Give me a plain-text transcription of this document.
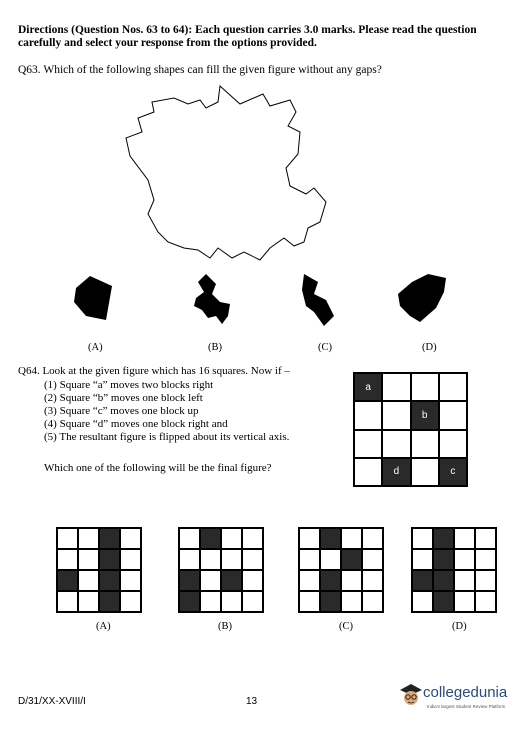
Directions (Question Nos. 63 to 64): Each question carries 3.0 marks. Please read the question carefully and select your response from the options provided.
Q63. Which of the following shapes can fill the given figure without any gaps?
(A)	(B)	(C)	(D)
Q64. Look at the given figure which has 16 squares. Now if –
(1) Square “a” moves two blocks right
(2) Square “b” moves one block left
(3) Square “c” moves one block up
(4) Square “d” moves one block right and
(5) The resultant figure is flipped about its vertical axis.
Which one of the following will be the final figure?
a
b
d	c
(A)	(B)	(C)	(D)
D/31/XX-XVIII/I	13
collegedunia
India's largest Student Review Platform
